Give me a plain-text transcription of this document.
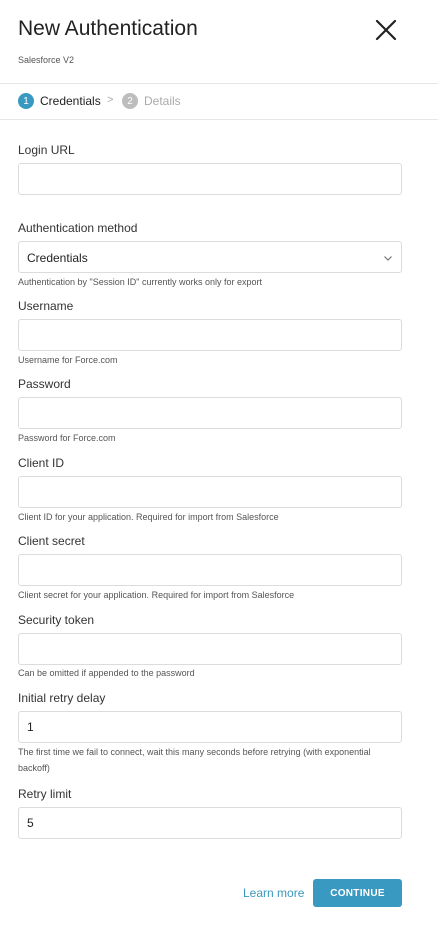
New Authentication
Salesforce V2
1 Credentials >	2 Details
Login URL
Authentication method
Credentials
Authentication by "Session ID" currently works only for export
Username
Username for Force.com
Password
Password for Force.com
Client ID
Client ID for your application. Required for import from Salesforce
Client secret
Client secret for your application. Required for import from Salesforce
Security token
Can be omitted if appended to the password
Initial retry delay
1
The first time we fail to connect, wait this many seconds before retrying (with exponential backoff)
Retry limit
5
Learn more	CONTINUE
